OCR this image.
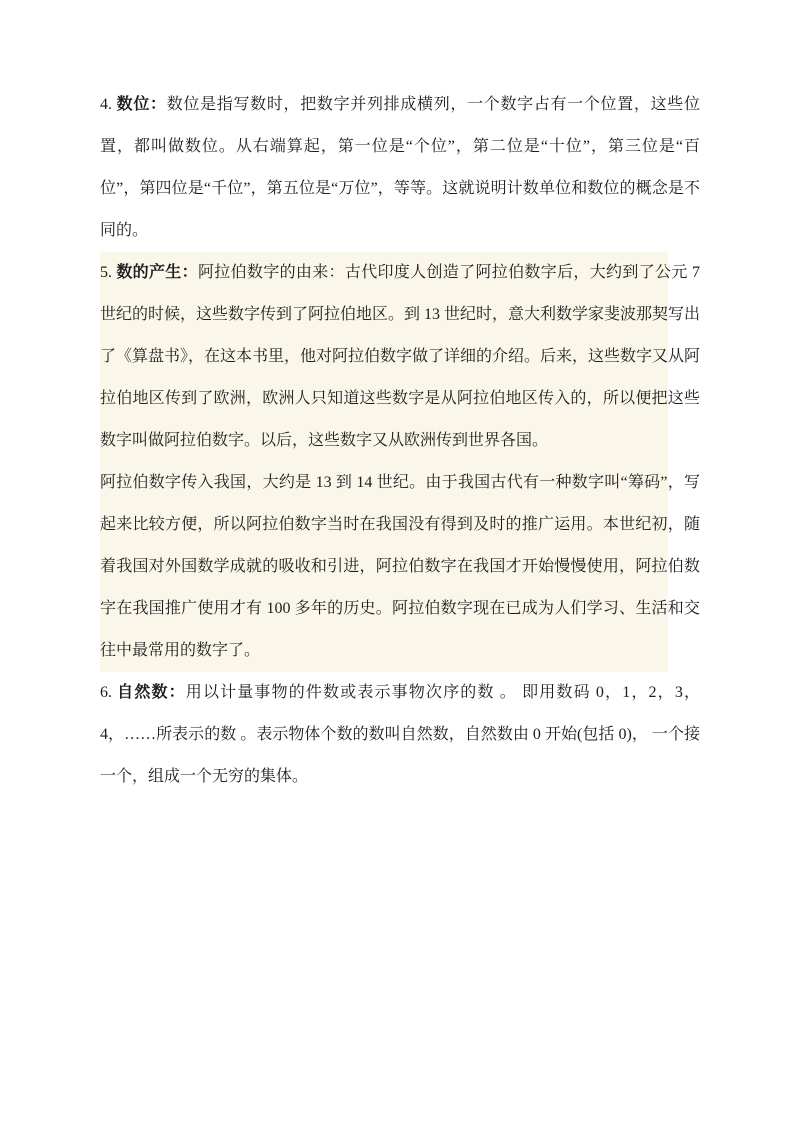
4. 数位：数位是指写数时，把数字并列排成横列，一个数字占有一个位置，这些位置，都叫做数位。从右端算起，第一位是“个位”，第二位是“十位”，第三位是“百位”，第四位是“千位”，第五位是“万位”，等等。这就说明计数单位和数位的概念是不同的。

5. 数的产生：阿拉伯数字的由来：古代印度人创造了阿拉伯数字后，大约到了公元 7 世纪的时候，这些数字传到了阿拉伯地区。到 13 世纪时，意大利数学家斐波那契写出了《算盘书》，在这本书里，他对阿拉伯数字做了详细的介绍。后来，这些数字又从阿拉伯地区传到了欧洲，欧洲人只知道这些数字是从阿拉伯地区传入的，所以便把这些数字叫做阿拉伯数字。以后，这些数字又从欧洲传到世界各国。

阿拉伯数字传入我国，大约是 13 到 14 世纪。由于我国古代有一种数字叫“筹码”，写起来比较方便，所以阿拉伯数字当时在我国没有得到及时的推广运用。本世纪初，随着我国对外国数学成就的吸收和引进，阿拉伯数字在我国才开始慢慢使用，阿拉伯数字在我国推广使用才有 100 多年的历史。阿拉伯数字现在已成为人们学习、生活和交往中最常用的数字了。

6. 自然数：用以计量事物的件数或表示事物次序的数 。 即用数码 0，1，2，3，4，……所表示的数 。表示物体个数的数叫自然数，自然数由 0 开始(包括 0)， 一个接一个，组成一个无穷的集体。
